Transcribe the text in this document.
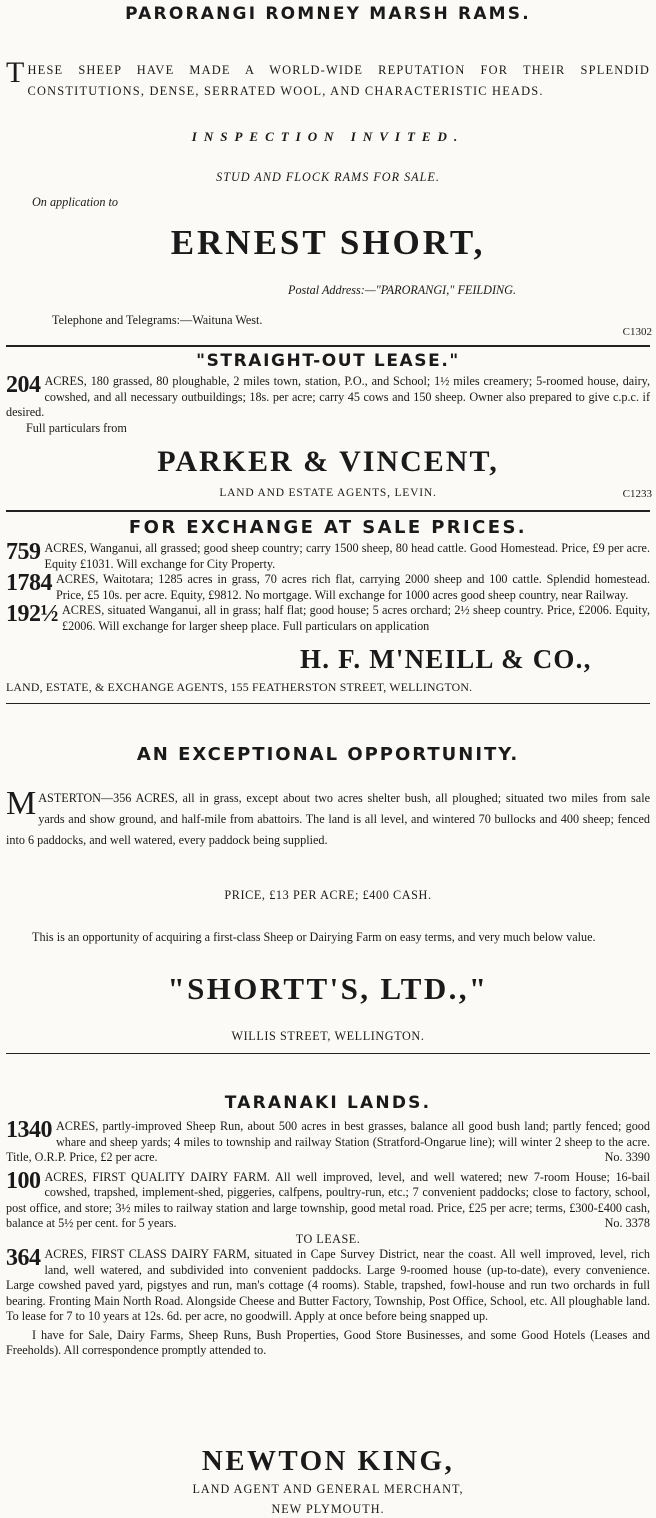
PARORANGI ROMNEY MARSH RAMS.

T HESE SHEEP HAVE MADE A WORLD-WIDE REPUTATION FOR THEIR SPLENDID CONSTITUTIONS, DENSE, SERRATED WOOL, AND CHARACTERISTIC HEADS.

INSPECTION INVITED.
STUD AND FLOCK RAMS FOR SALE.
On application to
ERNEST SHORT,
Postal Address:—"PARORANGI," FEILDING.
Telephone and Telegrams:—Waituna West.
C1302
"STRAIGHT-OUT LEASE."

204 ACRES, 180 grassed, 80 ploughable, 2 miles town, station, P.O., and School; 1½ miles creamery; 5-roomed house, dairy, cowshed, and all necessary outbuildings; 18s. per acre; carry 45 cows and 150 sheep. Owner also prepared to give c.p.c. if desired.

Full particulars from

PARKER & VINCENT,
LAND AND ESTATE AGENTS, LEVIN.	C1233
FOR EXCHANGE AT SALE PRICES.

759 ACRES, Wanganui, all grassed; good sheep country; carry 1500 sheep, 80 head cattle. Good Homestead. Price, £9 per acre. Equity £1031. Will exchange for City Property.

1784 ACRES, Waitotara; 1285 acres in grass, 70 acres rich flat, carrying 2000 sheep and 100 cattle. Splendid homestead. Price, £5 10s. per acre. Equity, £9812. No mortgage. Will exchange for 1000 acres good sheep country, near Railway.

192½ ACRES, situated Wanganui, all in grass; half flat; good house; 5 acres orchard; 2½ sheep country. Price, £2006. Equity, £2006. Will exchange for larger sheep place. Full particulars on application

H. F. M'NEILL & CO.,
LAND, ESTATE, & EXCHANGE AGENTS, 155 FEATHERSTON STREET, WELLINGTON.
AN EXCEPTIONAL OPPORTUNITY.

M ASTERTON—356 ACRES, all in grass, except about two acres shelter bush, all ploughed; situated two miles from sale yards and show ground, and half-mile from abattoirs. The land is all level, and wintered 70 bullocks and 400 sheep; fenced into 6 paddocks, and well watered, every paddock being supplied.

PRICE, £13 PER ACRE; £400 CASH.

This is an opportunity of acquiring a first-class Sheep or Dairying Farm on easy terms, and very much below value.

"SHORTT'S, LTD.,"
WILLIS STREET, WELLINGTON.
TARANAKI LANDS.

1340 ACRES, partly-improved Sheep Run, about 500 acres in best grasses, balance all good bush land; partly fenced; good whare and sheep yards; 4 miles to township and railway Station (Stratford-Ongarue line); will winter 2 sheep to the acre. Title, O.R.P. Price, £2 per acre.	No. 3390

100 ACRES, FIRST QUALITY DAIRY FARM. All well improved, level, and well watered; new 7-room House; 16-bail cowshed, trapshed, implement-shed, piggeries, calfpens, poultry-run, etc.; 7 convenient paddocks; close to factory, school, post office, and store; 3½ miles to railway station and large township, good metal road. Price, £25 per acre; terms, £300-£400 cash, balance at 5½ per cent. for 5 years.	No. 3378

TO LEASE.

364 ACRES, FIRST CLASS DAIRY FARM, situated in Cape Survey District, near the coast. All well improved, level, rich land, well watered, and subdivided into convenient paddocks. Large 9-roomed house (up-to-date), every convenience. Large cowshed paved yard, pigstyes and run, man's cottage (4 rooms). Stable, trapshed, fowl-house and run two orchards in full bearing. Fronting Main North Road. Alongside Cheese and Butter Factory, Township, Post Office, School, etc. All ploughable land. To lease for 7 to 10 years at 12s. 6d. per acre, no goodwill. Apply at once before being snapped up.

I have for Sale, Dairy Farms, Sheep Runs, Bush Properties, Good Store Businesses, and some Good Hotels (Leases and Freeholds). All correspondence promptly attended to.

NEWTON KING,
LAND AGENT AND GENERAL MERCHANT,
NEW PLYMOUTH.
